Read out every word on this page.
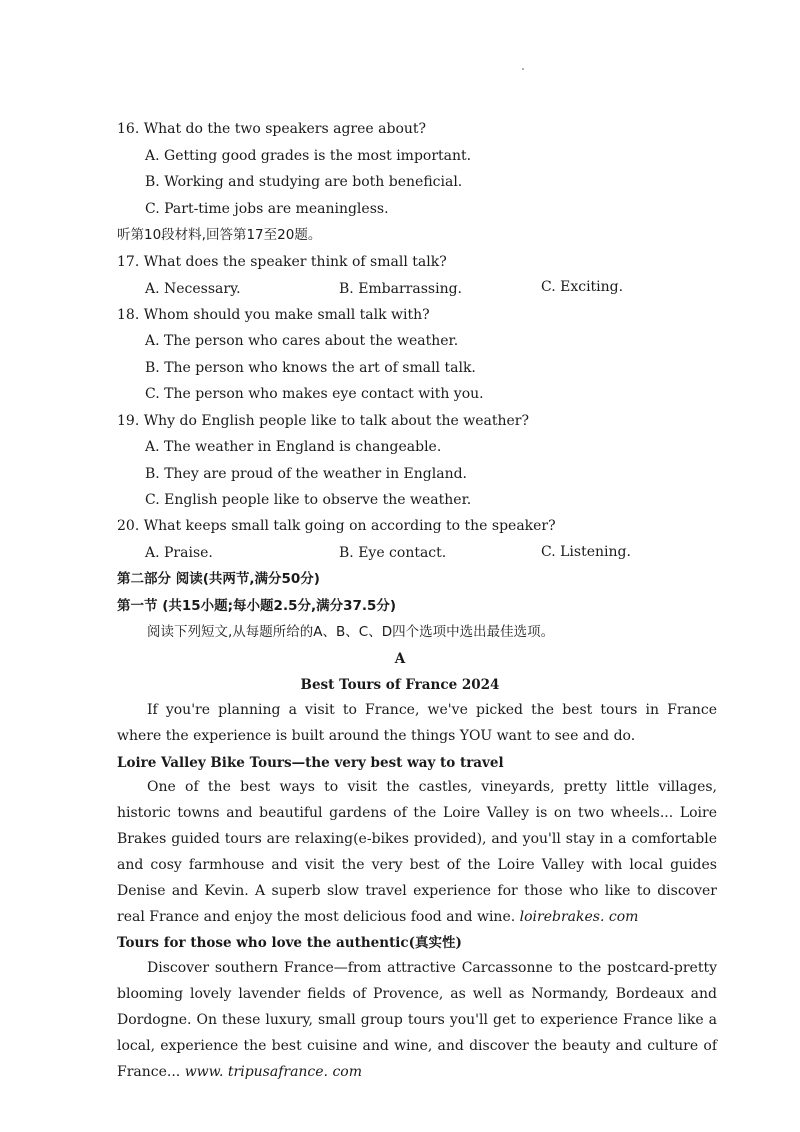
16. What do the two speakers agree about?
A. Getting good grades is the most important.
B. Working and studying are both beneficial.
C. Part-time jobs are meaningless.
听第10段材料,回答第17至20题。
17. What does the speaker think of small talk?
A. Necessary.	B. Embarrassing.	C. Exciting.
18. Whom should you make small talk with?
A. The person who cares about the weather.
B. The person who knows the art of small talk.
C. The person who makes eye contact with you.
19. Why do English people like to talk about the weather?
A. The weather in England is changeable.
B. They are proud of the weather in England.
C. English people like to observe the weather.
20. What keeps small talk going on according to the speaker?
A. Praise.	B. Eye contact.	C. Listening.
第二部分 阅读(共两节,满分50分)
第一节 (共15小题;每小题2.5分,满分37.5分)
阅读下列短文,从每题所给的A、B、C、D四个选项中选出最佳选项。
A
Best Tours of France 2024
If you're planning a visit to France, we've picked the best tours in France where the experience is built around the things YOU want to see and do.
Loire Valley Bike Tours—the very best way to travel
One of the best ways to visit the castles, vineyards, pretty little villages, historic towns and beautiful gardens of the Loire Valley is on two wheels... Loire Brakes guided tours are relaxing(e-bikes provided), and you'll stay in a comfortable and cosy farmhouse and visit the very best of the Loire Valley with local guides Denise and Kevin. A superb slow travel experience for those who like to discover real France and enjoy the most delicious food and wine. loirebrakes. com
Tours for those who love the authentic(真实性)
Discover southern France—from attractive Carcassonne to the postcard-pretty blooming lovely lavender fields of Provence, as well as Normandy, Bordeaux and Dordogne. On these luxury, small group tours you'll get to experience France like a local, experience the best cuisine and wine, and discover the beauty and culture of France... www. tripusafrance. com
